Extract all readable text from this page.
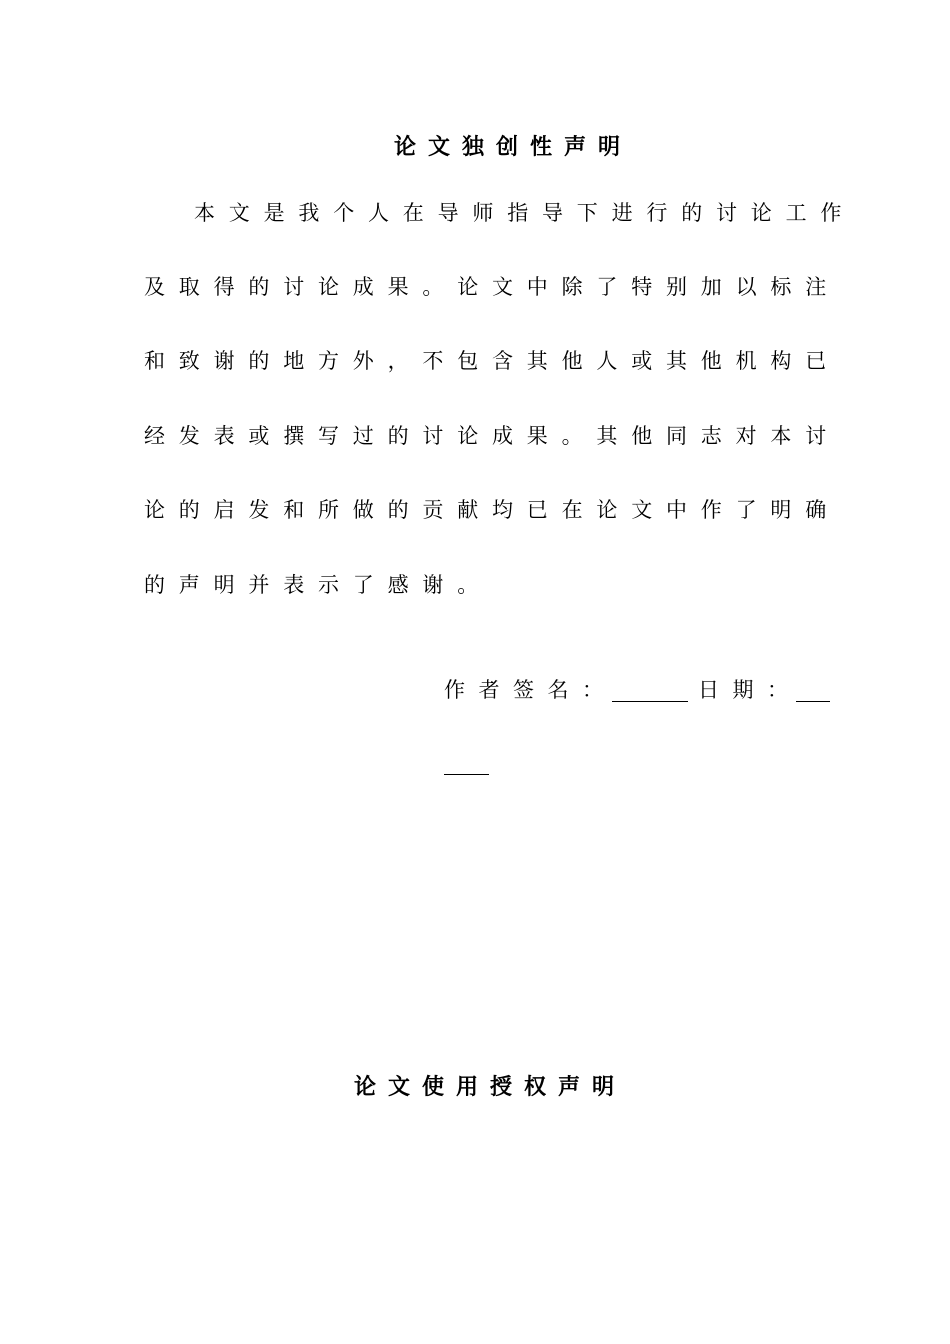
论文独创性声明
本文是我个人在导师指导下进行的讨论工作
及取得的讨论成果。论文中除了特别加以标注
和致谢的地方外，不包含其他人或其他机构已
经发表或撰写过的讨论成果。其他同志对本讨
论的启发和所做的贡献均已在论文中作了明确
的声明并表示了感谢。
作者签名：	日期：
论文使用授权声明
